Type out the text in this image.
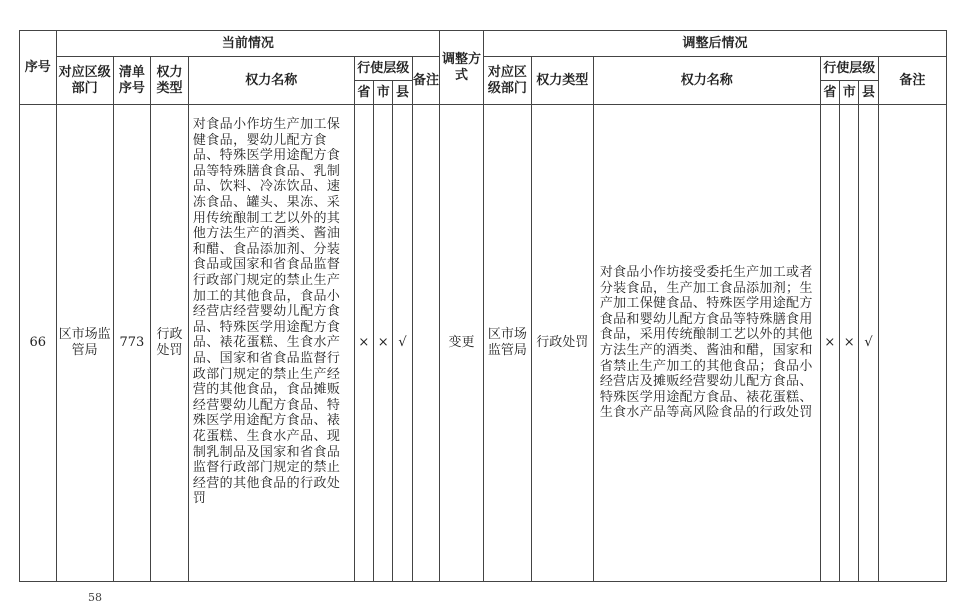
序号	当前情况								调整方式	调整后情况						
	对应区级部门	清单序号	权力类型	权力名称	行使层级			备注		对应区级部门	权力类型	权力名称	行使层级			备注
					省	市	县						省	市	县	
66	区市场监管局	773	行政处罚	对食品小作坊生产加工保健食品，婴幼儿配方食品、特殊医学用途配方食品等特殊膳食食品、乳制品、饮料、冷冻饮品、速冻食品、罐头、果冻、采用传统酿制工艺以外的其他方法生产的酒类、酱油和醋、食品添加剂、分装食品或国家和省食品监督行政部门规定的禁止生产加工的其他食品，食品小经营店经营婴幼儿配方食品、特殊医学用途配方食品、裱花蛋糕、生食水产品、国家和省食品监督行政部门规定的禁止生产经营的其他食品，食品摊贩经营婴幼儿配方食品、特殊医学用途配方食品、裱花蛋糕、生食水产品、现制乳制品及国家和省食品监督行政部门规定的禁止经营的其他食品的行政处罚	×	×	√		变更	区市场监管局	行政处罚	对食品小作坊接受委托生产加工或者分装食品，生产加工食品添加剂；生产加工保健食品、特殊医学用途配方食品和婴幼儿配方食品等特殊膳食用食品，采用传统酿制工艺以外的其他方法生产的酒类、酱油和醋，国家和省禁止生产加工的其他食品；食品小经营店及摊贩经营婴幼儿配方食品、特殊医学用途配方食品、裱花蛋糕、生食水产品等高风险食品的行政处罚	×	×	√	
58
